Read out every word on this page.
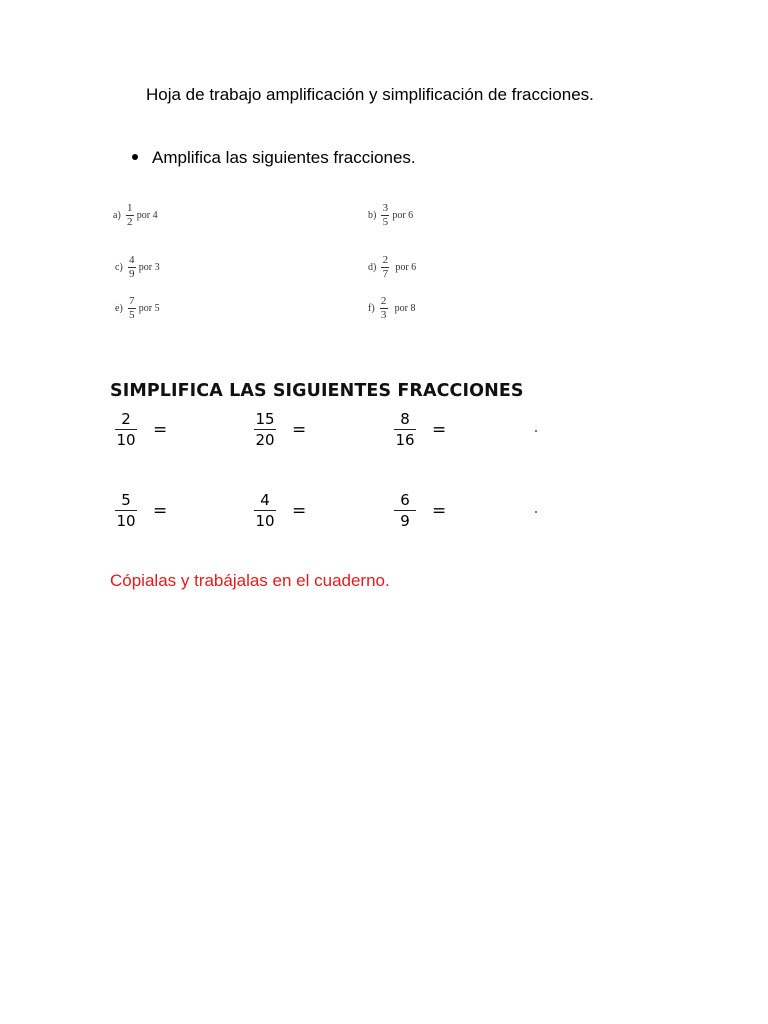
Hoja de trabajo amplificación y simplificación de fracciones.
Amplifica las siguientes fracciones.
$a) \frac{1}{2}$ por 4	$b) \frac{3}{5}$ por 6
$c) \frac{4}{9}$ por 3	$d) \frac{2}{7}$ por 6
$e) \frac{7}{5}$ por 5	$f) \frac{2}{3}$ por 8
SIMPLIFICA LAS SIGUIENTES FRACCIONES
$\frac{2}{10}$ =	$\frac{15}{20}$ =	$\frac{8}{16}$ =
$\frac{5}{10}$ =	$\frac{4}{10}$ =	$\frac{6}{9}$ =
Cópialas y trabájalas en el cuaderno.
